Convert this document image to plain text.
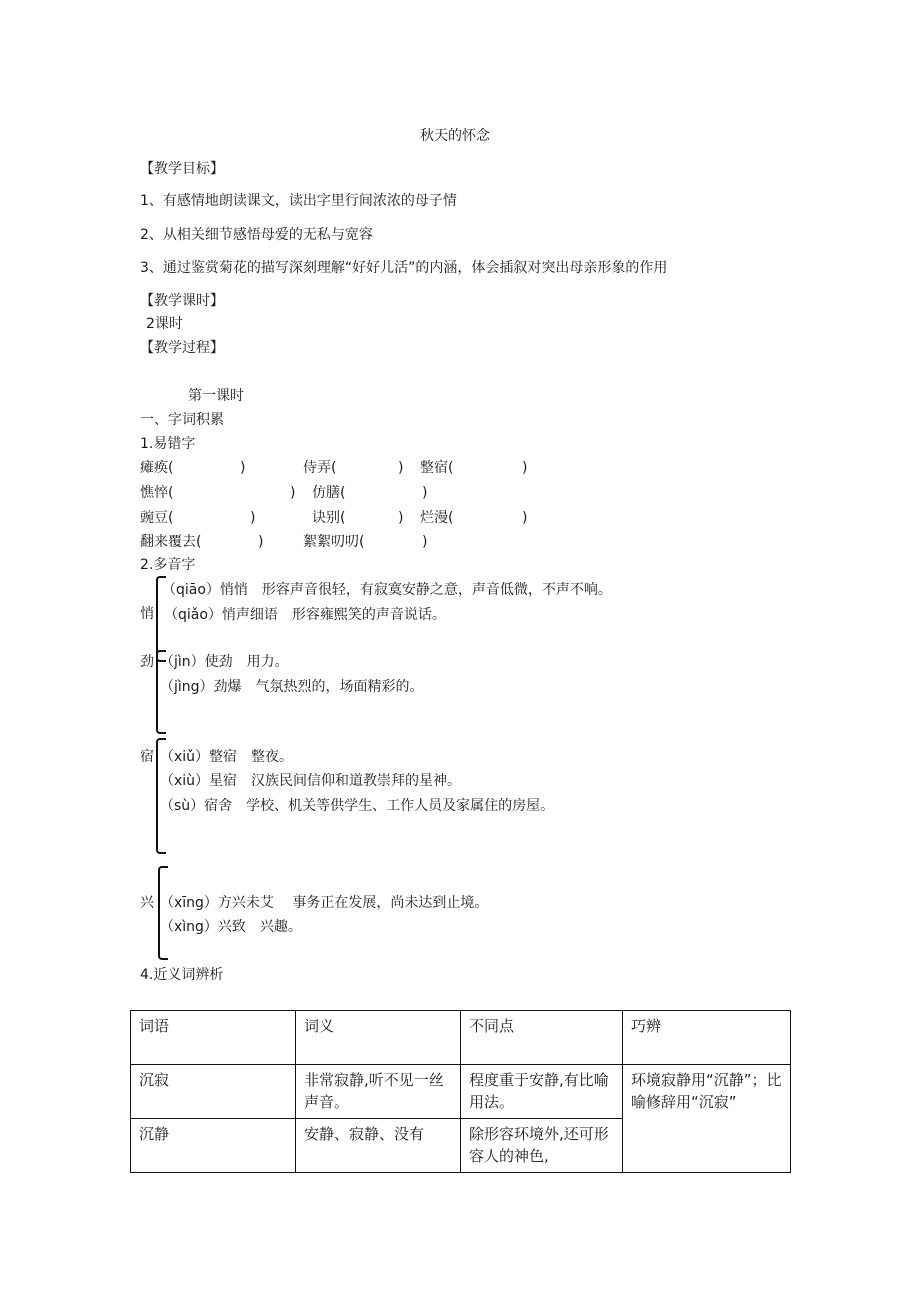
秋天的怀念
【教学目标】
1、有感情地朗读课文，读出字里行间浓浓的母子情
2、从相关细节感悟母爱的无私与宽容
3、通过鉴赏菊花的描写深刻理解“好好儿活”的内涵，体会插叙对突出母亲形象的作用
【教学课时】
2课时
【教学过程】
第一课时
一、字词积累
1.易错字
瘫痪(	)	侍弄(	) 整宿(	)
憔悴(	) 仿膳(	)
豌豆(	)	诀别(	) 烂漫(	)
翻来覆去(	)	絮絮叨叨(	)
2.多音字
悄
（qiāo）悄悄　形容声音很轻，有寂寞安静之意，声音低微，不声不响。
（qiǎo）悄声细语　形容雍熙笑的声音说话。
劲 （jìn）使劲　用力。
（jìng）劲爆　气氛热烈的，场面精彩的。
宿 （xiǔ）整宿　整夜。
（xiù）星宿　汉族民间信仰和道教崇拜的星神。
（sù）宿舍　学校、机关等供学生、工作人员及家属住的房屋。
兴 （xīng）方兴未艾　 事务正在发展，尚未达到止境。
（xìng）兴致　兴趣。
4.近义词辨析
词语	词义	不同点	巧辨
沉寂	非常寂静,听不见一丝声音。	程度重于安静,有比喻用法。	环境寂静用“沉静”；比喻修辞用“沉寂”
沉静	安静、寂静、没有	除形容环境外,还可形容人的神色,	
